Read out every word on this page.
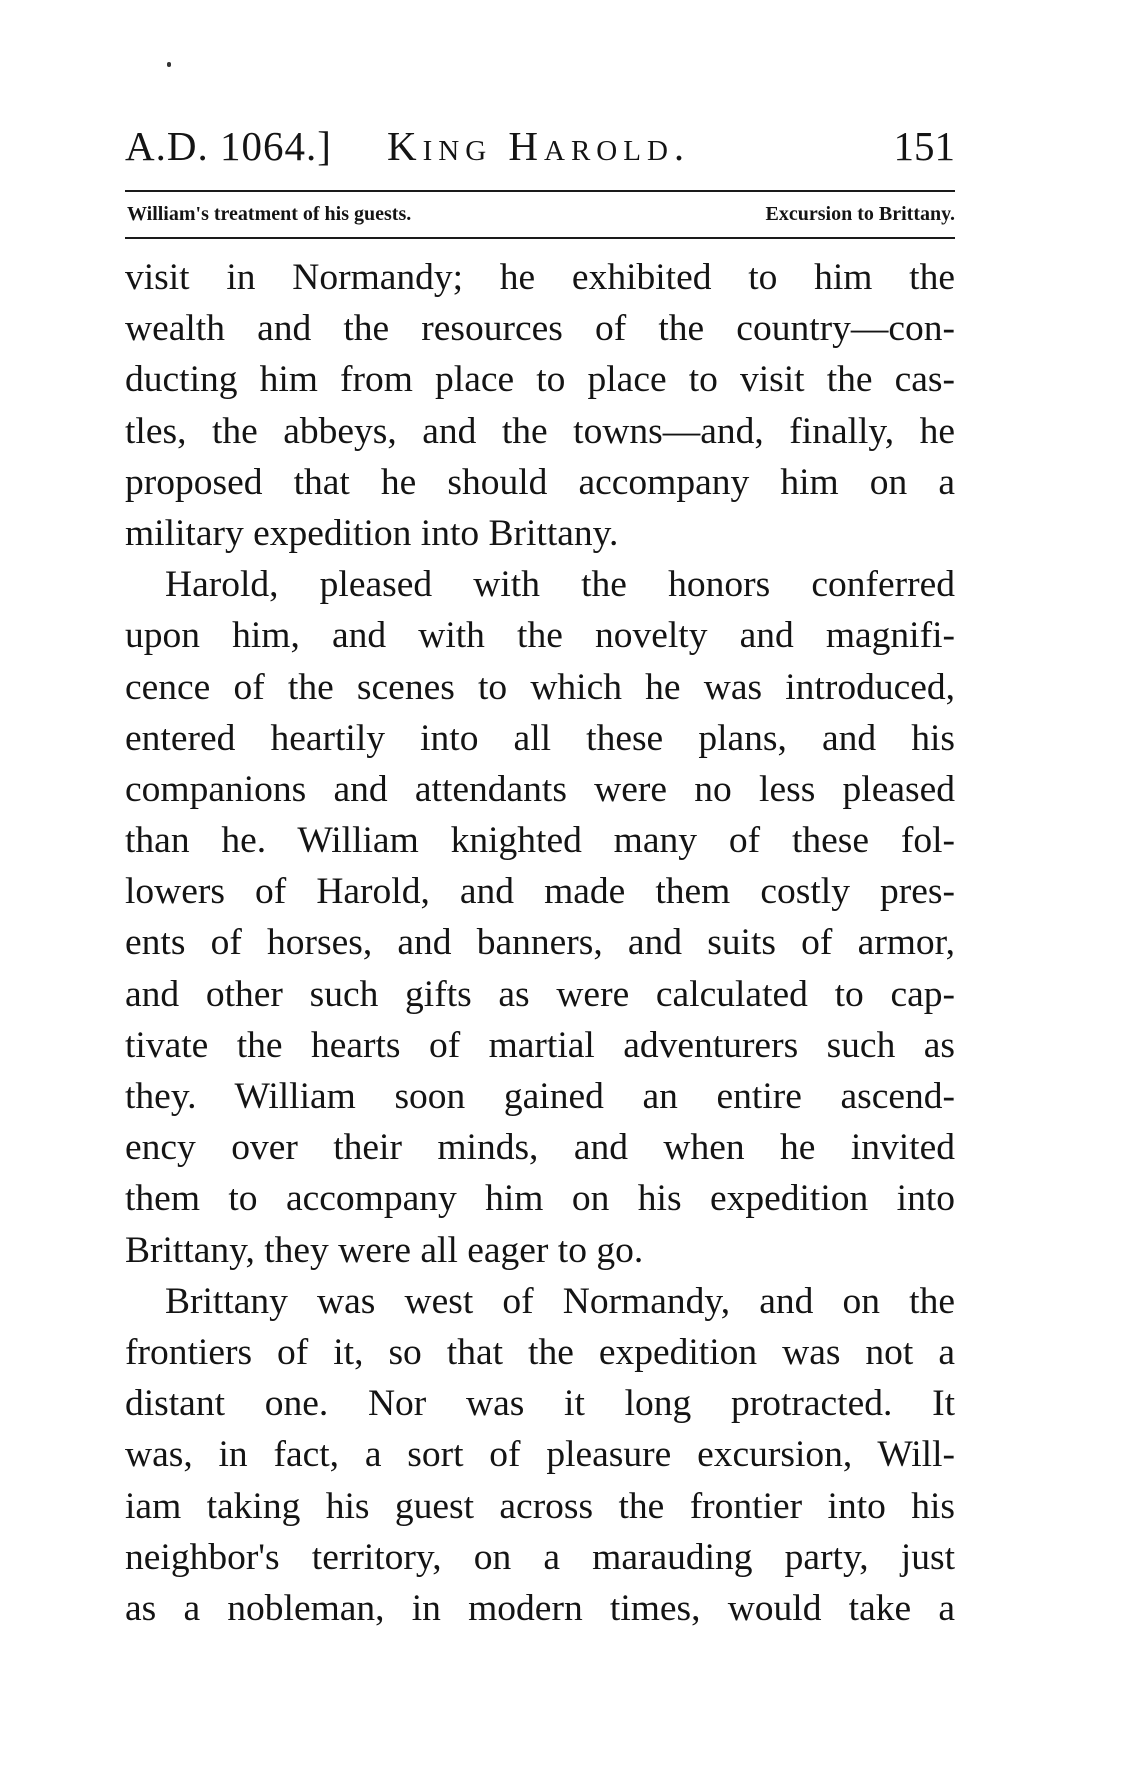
A.D. 1064.] King Harold.	151
William's treatment of his guests.	Excursion to Brittany.
visit in Normandy; he exhibited to him the
wealth and the resources of the country—con-
ducting him from place to place to visit the cas-
tles, the abbeys, and the towns—and, finally, he
proposed that he should accompany him on a
military expedition into Brittany.
Harold, pleased with the honors conferred
upon him, and with the novelty and magnifi-
cence of the scenes to which he was introduced,
entered heartily into all these plans, and his
companions and attendants were no less pleased
than he. William knighted many of these fol-
lowers of Harold, and made them costly pres-
ents of horses, and banners, and suits of armor,
and other such gifts as were calculated to cap-
tivate the hearts of martial adventurers such as
they. William soon gained an entire ascend-
ency over their minds, and when he invited
them to accompany him on his expedition into
Brittany, they were all eager to go.
Brittany was west of Normandy, and on the
frontiers of it, so that the expedition was not a
distant one. Nor was it long protracted. It
was, in fact, a sort of pleasure excursion, Will-
iam taking his guest across the frontier into his
neighbor's territory, on a marauding party, just
as a nobleman, in modern times, would take a
